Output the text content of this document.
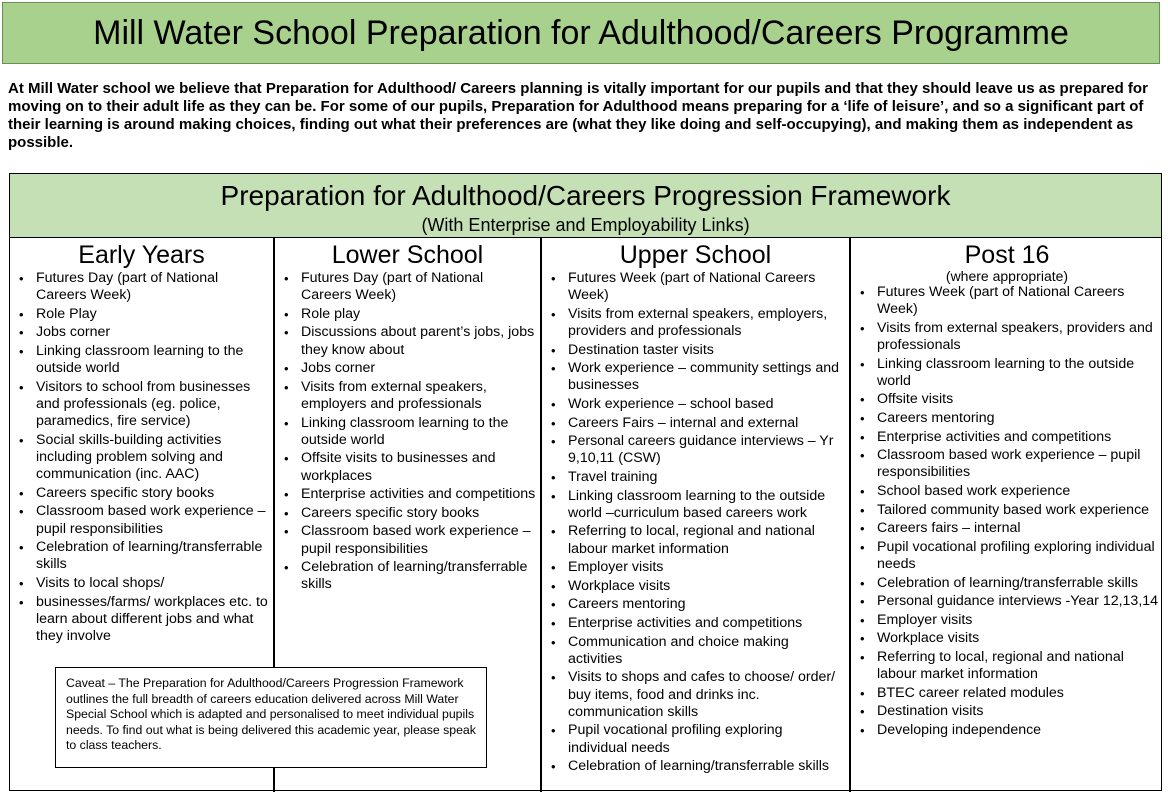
Mill Water School Preparation for Adulthood/Careers Programme
At Mill Water school we believe that Preparation for Adulthood/ Careers planning is vitally important for our pupils and that they should leave us as prepared for moving on to their adult life as they can be. For some of our pupils, Preparation for Adulthood means preparing for a ‘life of leisure’, and so a significant part of their learning is around making choices, finding out what their preferences are (what they like doing and self-occupying), and making them as independent as possible.
Preparation for Adulthood/Careers Progression Framework
(With Enterprise and Employability Links)
Early Years
• Futures Day (part of National Careers Week)
• Role Play
• Jobs corner
• Linking classroom learning to the outside world
• Visitors to school from businesses and professionals (eg. police, paramedics, fire service)
• Social skills-building activities including problem solving and communication (inc. AAC)
• Careers specific story books
• Classroom based work experience – pupil responsibilities
• Celebration of learning/transferrable skills
• Visits to local shops/
• businesses/farms/ workplaces etc. to learn about different jobs and what they involve
Lower School
• Futures Day (part of National Careers Week)
• Role play
• Discussions about parent’s jobs, jobs they know about
• Jobs corner
• Visits from external speakers, employers and professionals
• Linking classroom learning to the outside world
• Offsite visits to businesses and workplaces
• Enterprise activities and competitions
• Careers specific story books
• Classroom based work experience – pupil responsibilities
• Celebration of learning/transferrable skills
Upper School
• Futures Week (part of National Careers Week)
• Visits from external speakers, employers, providers and professionals
• Destination taster visits
• Work experience – community settings and businesses
• Work experience – school based
• Careers Fairs – internal and external
• Personal careers guidance interviews – Yr 9,10,11 (CSW)
• Travel training
• Linking classroom learning to the outside world –curriculum based careers work
• Referring to local, regional and national labour market information
• Employer visits
• Workplace visits
• Careers mentoring
• Enterprise activities and competitions
• Communication and choice making activities
• Visits to shops and cafes to choose/ order/ buy items, food and drinks inc. communication skills
• Pupil vocational profiling exploring individual needs
• Celebration of learning/transferrable skills
Post 16
(where appropriate)
• Futures Week (part of National Careers Week)
• Visits from external speakers, providers and professionals
• Linking classroom learning to the outside world
• Offsite visits
• Careers mentoring
• Enterprise activities and competitions
• Classroom based work experience – pupil responsibilities
• School based work experience
• Tailored community based work experience
• Careers fairs – internal
• Pupil vocational profiling exploring individual needs
• Celebration of learning/transferrable skills
• Personal guidance interviews -Year 12,13,14
• Employer visits
• Workplace visits
• Referring to local, regional and national labour market information
• BTEC career related modules
• Destination visits
• Developing independence
Caveat – The Preparation for Adulthood/Careers Progression Framework outlines the full breadth of careers education delivered across Mill Water Special School which is adapted and personalised to meet individual pupils needs. To find out what is being delivered this academic year, please speak to class teachers.
